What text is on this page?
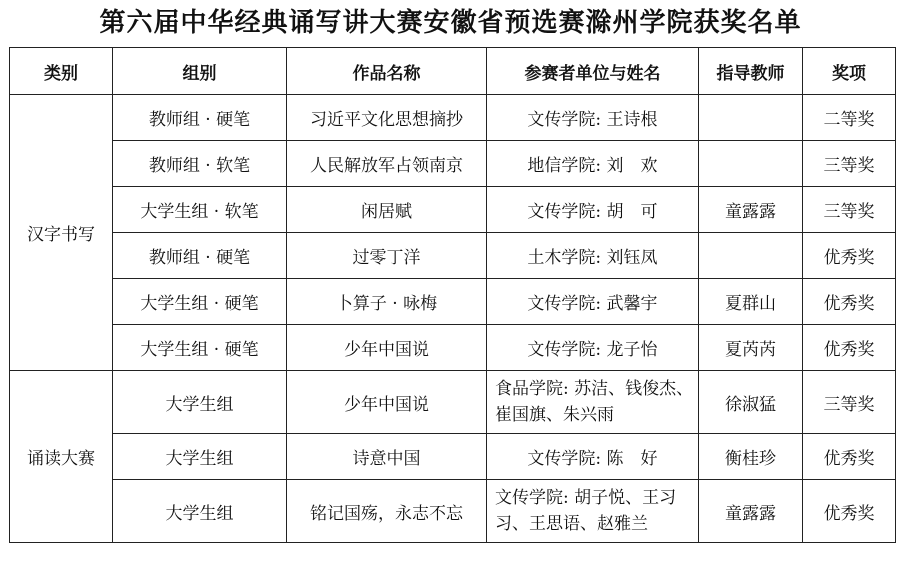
第六届中华经典诵写讲大赛安徽省预选赛滁州学院获奖名单
类别	组别	作品名称	参赛者单位与姓名	指导教师	奖项
汉字书写	教师组 · 硬笔	习近平文化思想摘抄	文传学院: 王诗根		二等奖
	教师组 · 软笔	人民解放军占领南京	地信学院: 刘　欢		三等奖
	大学生组 · 软笔	闲居赋	文传学院: 胡　可	童露露	三等奖
	教师组 · 硬笔	过零丁洋	土木学院: 刘钰凤		优秀奖
	大学生组 · 硬笔	卜算子 · 咏梅	文传学院: 武馨宇	夏群山	优秀奖
	大学生组 · 硬笔	少年中国说	文传学院: 龙子怡	夏芮芮	优秀奖
诵读大赛	大学生组	少年中国说	食品学院: 苏洁、钱俊杰、崔国旗、朱兴雨	徐淑猛	三等奖
	大学生组	诗意中国	文传学院: 陈　好	衡桂珍	优秀奖
	大学生组	铭记国殇，永志不忘	文传学院: 胡子悦、王习习、王思语、赵雅兰	童露露	优秀奖
